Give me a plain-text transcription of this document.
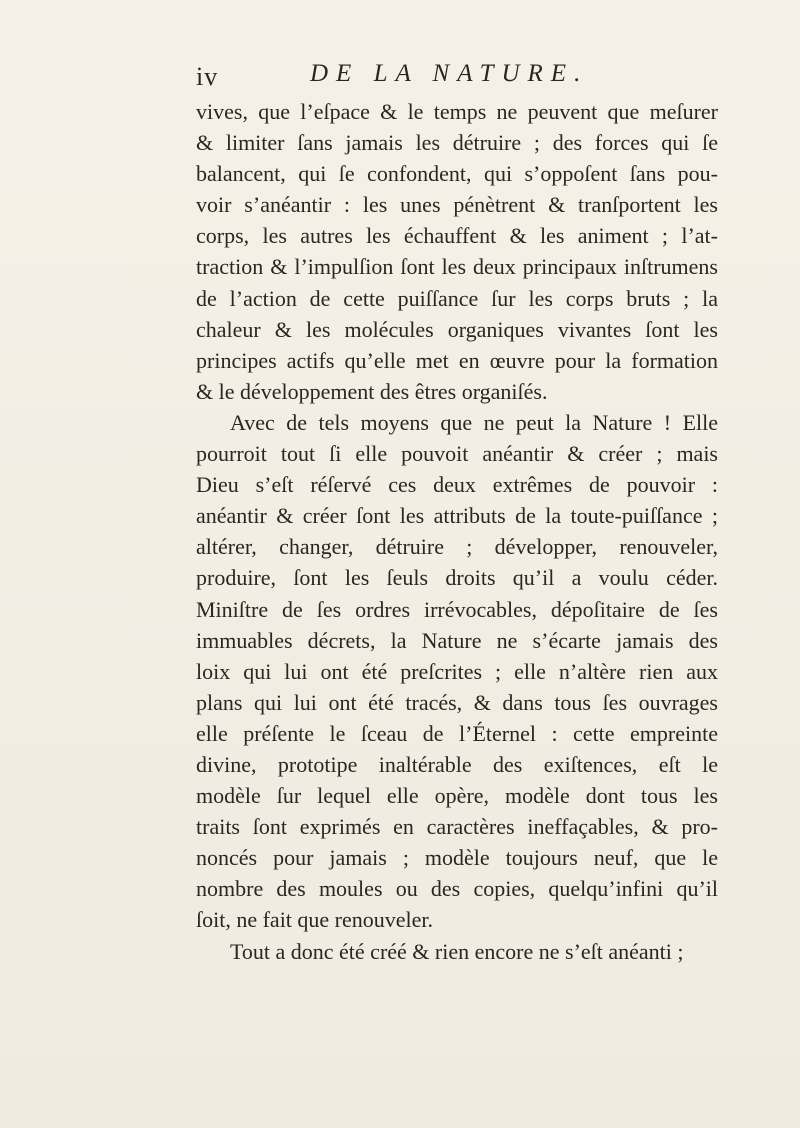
iv	DE LA NATURE.
vives, que l’eſpace & le temps ne peuvent que meſurer
& limiter ſans jamais les détruire ; des forces qui ſe
balancent, qui ſe confondent, qui s’oppoſent ſans pou-
voir s’anéantir : les unes pénètrent & tranſportent les
corps, les autres les échauffent & les animent ; l’at-
traction & l’impulſion ſont les deux principaux inſtrumens
de l’action de cette puiſſance ſur les corps bruts ; la
chaleur & les molécules organiques vivantes ſont les
principes actifs qu’elle met en œuvre pour la formation
& le développement des êtres organiſés.
Avec de tels moyens que ne peut la Nature ! Elle
pourroit tout ſi elle pouvoit anéantir & créer ; mais
Dieu s’eſt réſervé ces deux extrêmes de pouvoir :
anéantir & créer ſont les attributs de la toute-puiſſance ;
altérer, changer, détruire ; développer, renouveler,
produire, ſont les ſeuls droits qu’il a voulu céder.
Miniſtre de ſes ordres irrévocables, dépoſitaire de ſes
immuables décrets, la Nature ne s’écarte jamais des
loix qui lui ont été preſcrites ; elle n’altère rien aux
plans qui lui ont été tracés, & dans tous ſes ouvrages
elle préſente le ſceau de l’Éternel : cette empreinte
divine, prototipe inaltérable des exiſtences, eſt le
modèle ſur lequel elle opère, modèle dont tous les
traits ſont exprimés en caractères ineffaçables, & pro-
noncés pour jamais ; modèle toujours neuf, que le
nombre des moules ou des copies, quelqu’infini qu’il
ſoit, ne fait que renouveler.
Tout a donc été créé & rien encore ne s’eſt anéanti ;
